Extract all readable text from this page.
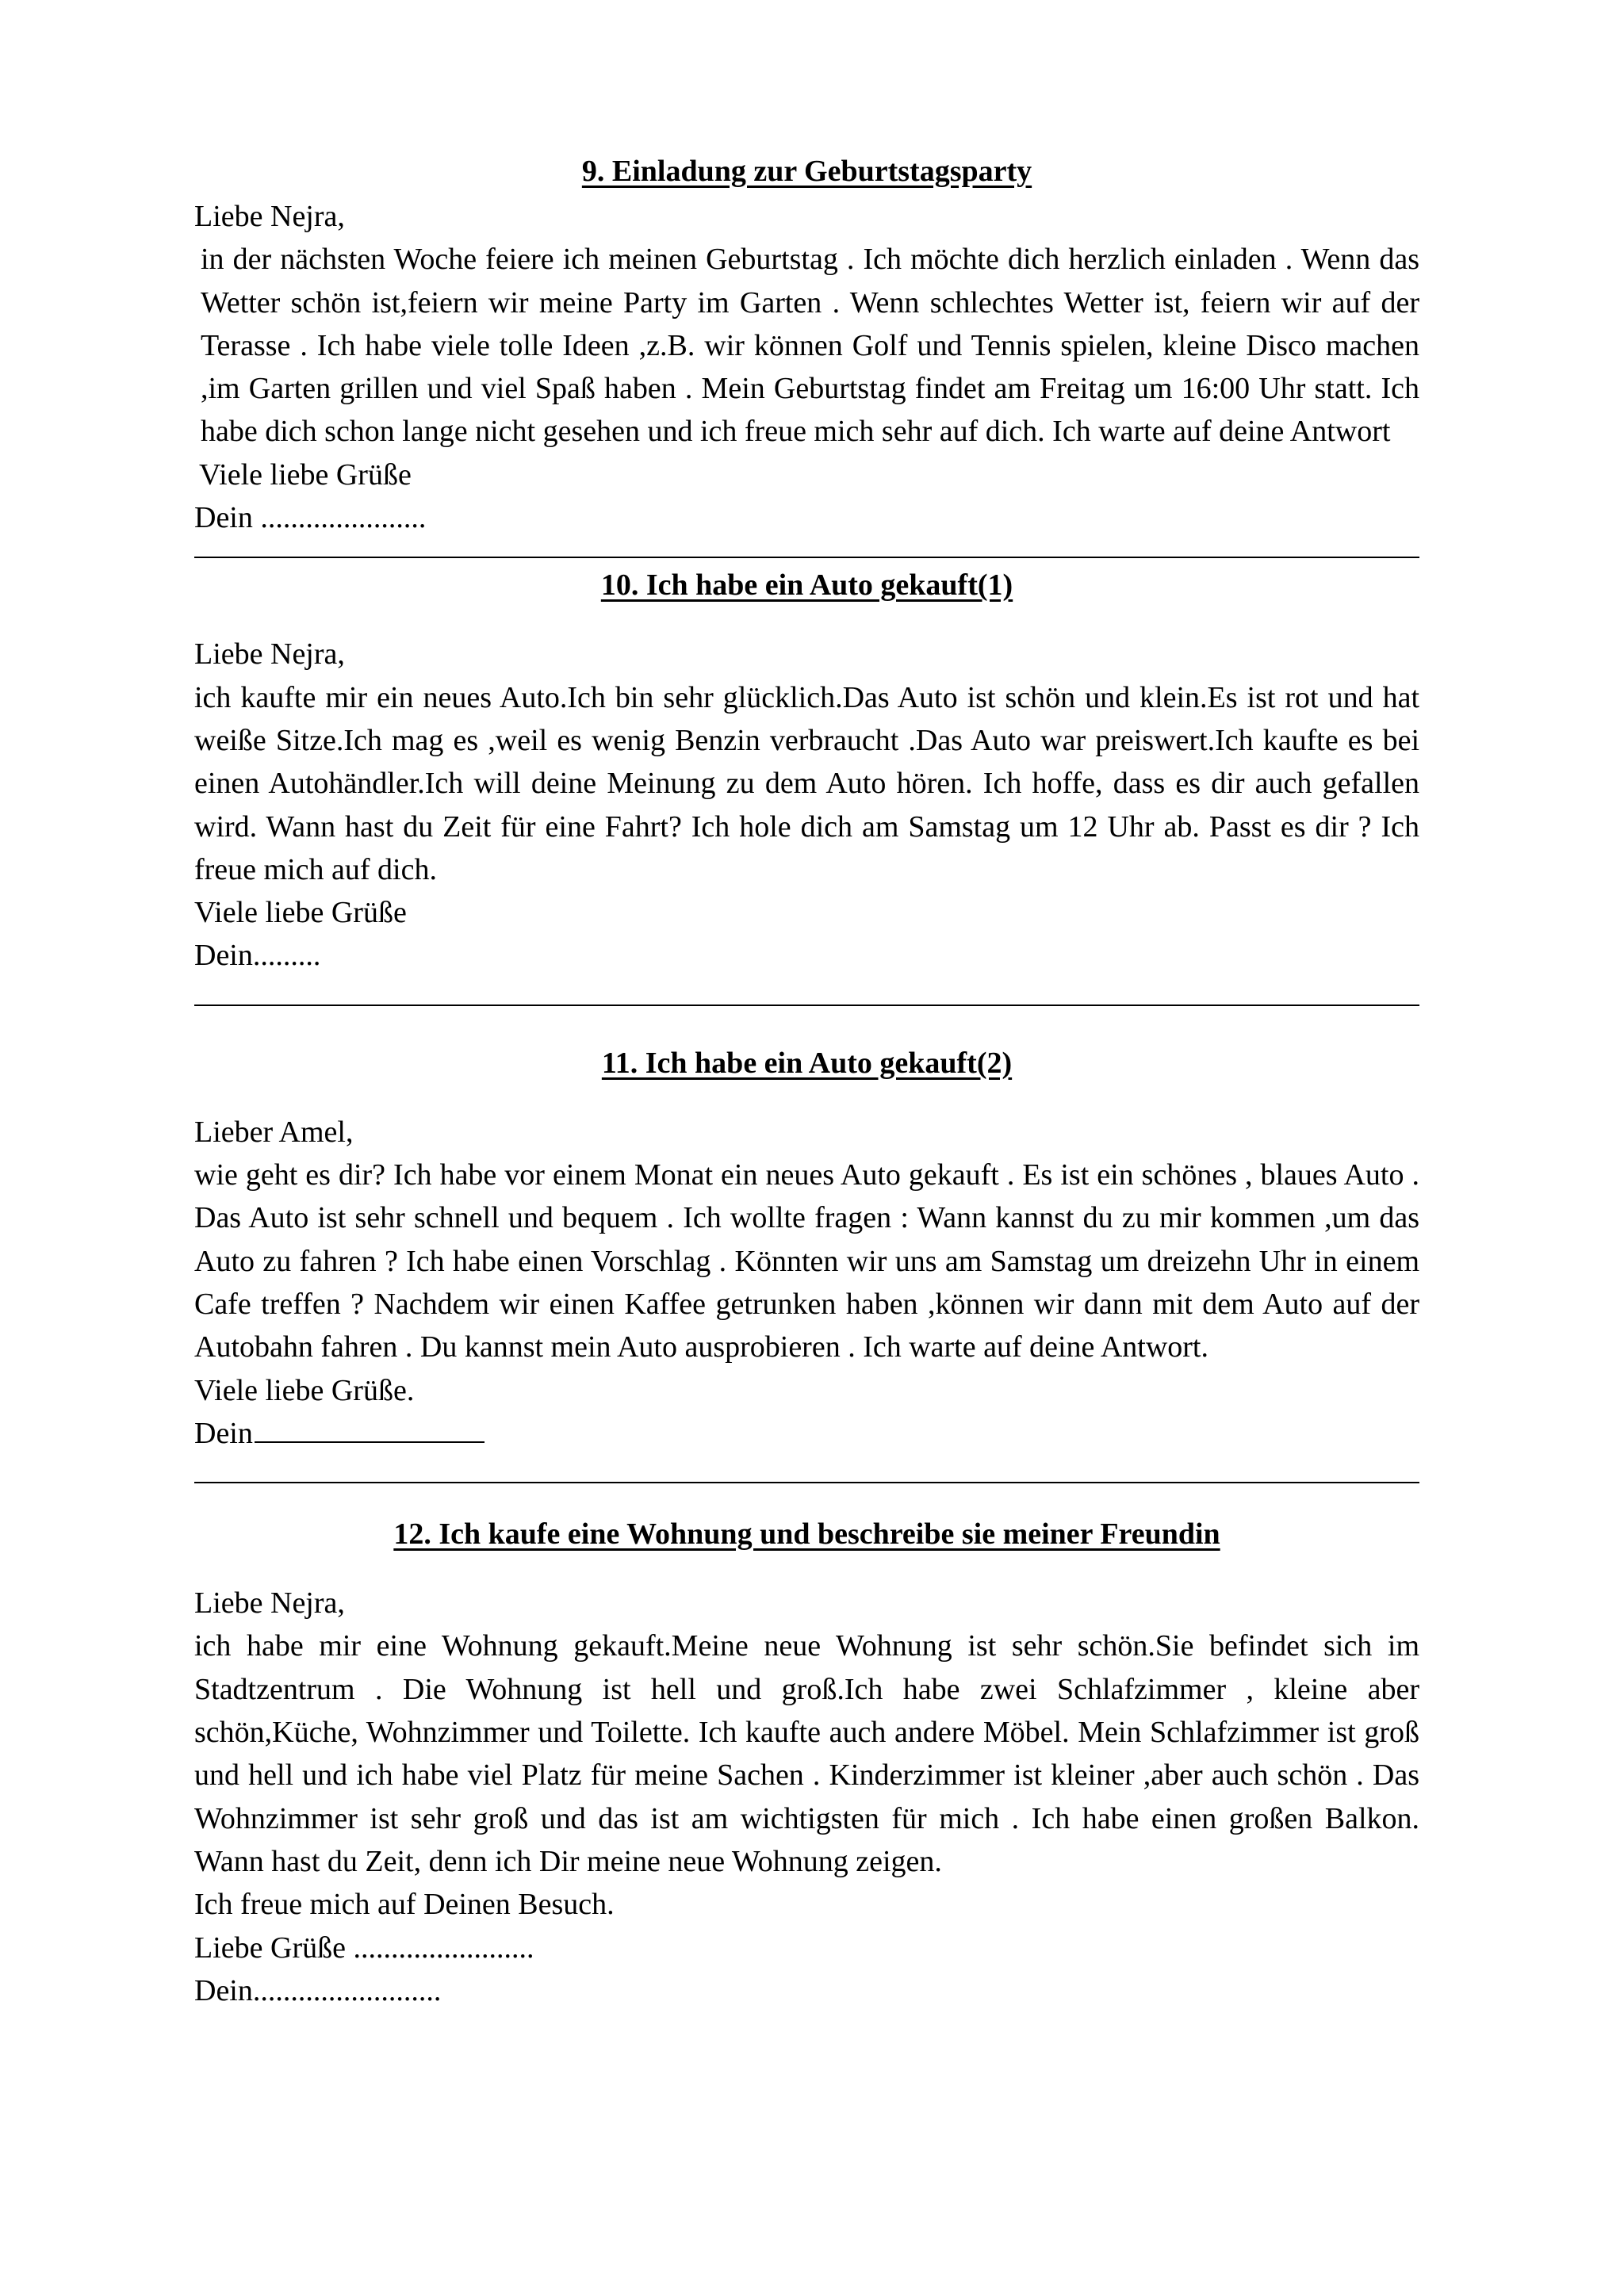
9. Einladung zur Geburtstagsparty

Liebe Nejra,

in der nächsten Woche feiere ich meinen Geburtstag . Ich möchte dich herzlich einladen . Wenn das Wetter schön ist,feiern wir meine Party im Garten . Wenn schlechtes Wetter ist, feiern wir auf der Terasse . Ich habe viele tolle Ideen ,z.B. wir können Golf und Tennis spielen, kleine Disco machen ,im Garten grillen und viel Spaß haben . Mein Geburtstag findet am Freitag um 16:00 Uhr statt. Ich habe dich schon lange nicht gesehen und ich freue mich sehr auf dich. Ich warte auf deine Antwort

Viele liebe Grüße

Dein ......................

10. Ich habe ein Auto gekauft(1)

Liebe Nejra,

ich kaufte mir ein neues Auto.Ich bin sehr glücklich.Das Auto ist schön und klein.Es ist rot und hat weiße Sitze.Ich mag es ,weil es wenig Benzin verbraucht .Das Auto war preiswert.Ich kaufte es bei einen Autohändler.Ich will deine Meinung zu dem Auto hören. Ich hoffe, dass es dir auch gefallen wird. Wann hast du Zeit für eine Fahrt? Ich hole dich am Samstag um 12 Uhr ab. Passt es dir ? Ich freue mich auf dich.

Viele liebe Grüße

Dein.........

11. Ich habe ein Auto gekauft(2)

Lieber Amel,

wie geht es dir? Ich habe vor einem Monat ein neues Auto gekauft . Es ist ein schönes , blaues Auto . Das Auto ist sehr schnell und bequem . Ich wollte fragen : Wann kannst du zu mir kommen ,um das Auto zu fahren ? Ich habe einen Vorschlag . Könnten wir uns am Samstag um dreizehn Uhr in einem Cafe treffen ? Nachdem wir einen Kaffee getrunken haben ,können wir dann mit dem Auto auf der Autobahn fahren . Du kannst mein Auto ausprobieren . Ich warte auf deine Antwort.

Viele liebe Grüße.

Dein

12. Ich kaufe eine Wohnung und beschreibe sie meiner Freundin

Liebe Nejra,

ich habe mir eine Wohnung gekauft.Meine neue Wohnung ist sehr schön.Sie befindet sich im Stadtzentrum . Die Wohnung ist hell und groß.Ich habe zwei Schlafzimmer , kleine aber schön,Küche, Wohnzimmer und Toilette. Ich kaufte auch andere Möbel. Mein Schlafzimmer ist groß und hell und ich habe viel Platz für meine Sachen . Kinderzimmer ist kleiner ,aber auch schön . Das Wohnzimmer ist sehr groß und das ist am wichtigsten für mich . Ich habe einen großen Balkon. Wann hast du Zeit, denn ich Dir meine neue Wohnung zeigen.

Ich freue mich auf Deinen Besuch.

Liebe Grüße ........................

Dein.........................
